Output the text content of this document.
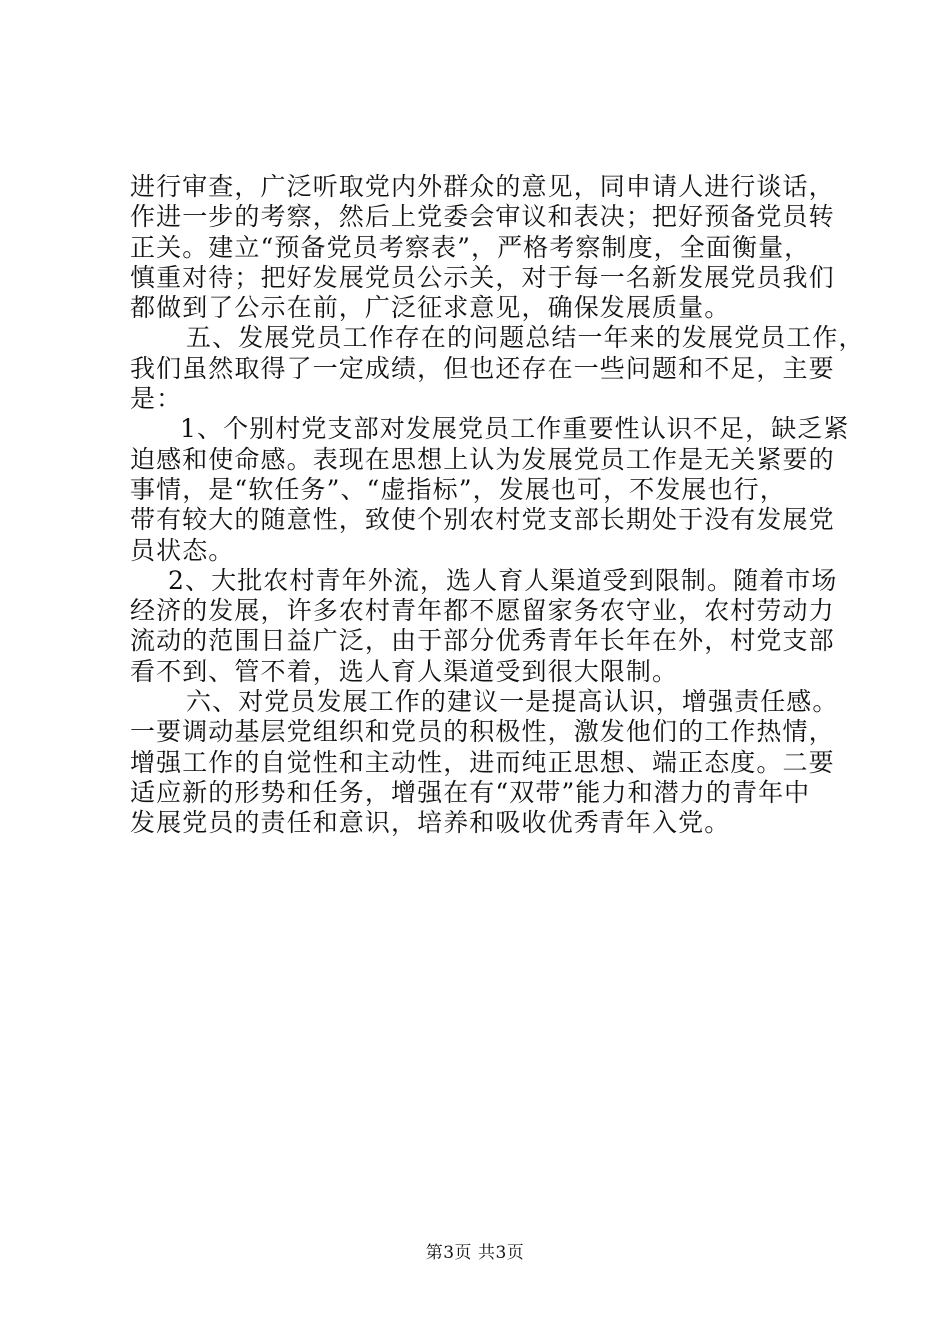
进行审查，广泛听取党内外群众的意见，同申请人进行谈话，
作进一步的考察，然后上党委会审议和表决；把好预备党员转
正关。建立“预备党员考察表”，严格考察制度，全面衡量，
慎重对待；把好发展党员公示关，对于每一名新发展党员我们
都做到了公示在前，广泛征求意见，确保发展质量。
五、发展党员工作存在的问题总结一年来的发展党员工作，
我们虽然取得了一定成绩，但也还存在一些问题和不足，主要
是：
1、个别村党支部对发展党员工作重要性认识不足，缺乏紧
迫感和使命感。表现在思想上认为发展党员工作是无关紧要的
事情，是“软任务”、“虚指标”，发展也可，不发展也行，
带有较大的随意性，致使个别农村党支部长期处于没有发展党
员状态。
2、大批农村青年外流，选人育人渠道受到限制。随着市场
经济的发展，许多农村青年都不愿留家务农守业，农村劳动力
流动的范围日益广泛，由于部分优秀青年长年在外，村党支部
看不到、管不着，选人育人渠道受到很大限制。
六、对党员发展工作的建议一是提高认识，增强责任感。
一要调动基层党组织和党员的积极性，激发他们的工作热情，
增强工作的自觉性和主动性，进而纯正思想、端正态度。二要
适应新的形势和任务，增强在有“双带”能力和潜力的青年中
发展党员的责任和意识，培养和吸收优秀青年入党。
第3页 共3页
